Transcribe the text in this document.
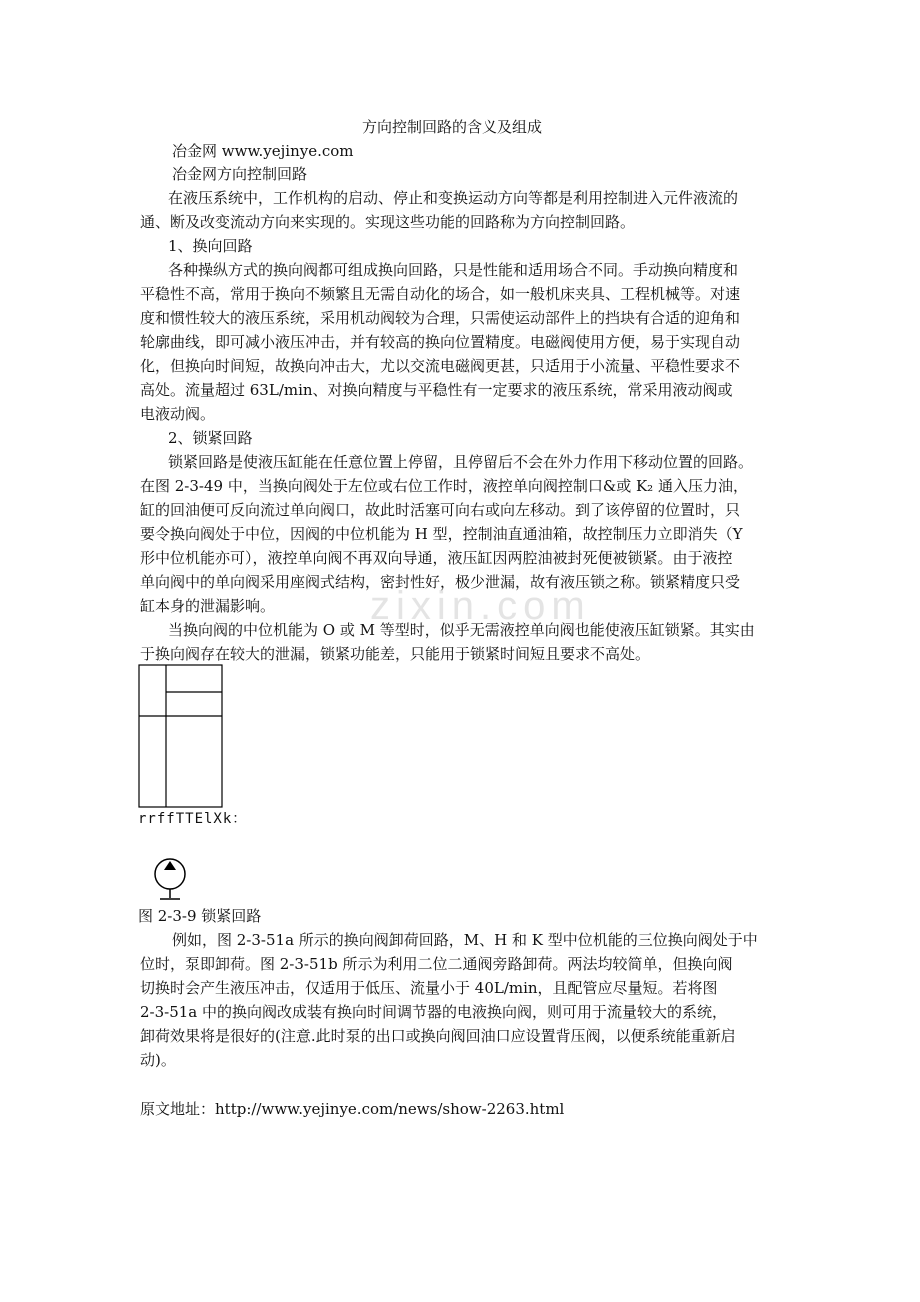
zixin.com
方向控制回路的含义及组成
冶金网 www.yejinye.com
冶金网方向控制回路
在液压系统中，工作机构的启动、停止和变换运动方向等都是利用控制进入元件液流的
通、断及改变流动方向来实现的。实现这些功能的回路称为方向控制回路。
1、换向回路
各种操纵方式的换向阀都可组成换向回路，只是性能和适用场合不同。手动换向精度和
平稳性不高，常用于换向不频繁且无需自动化的场合，如一般机床夹具、工程机械等。对速
度和惯性较大的液压系统，采用机动阀较为合理，只需使运动部件上的挡块有合适的迎角和
轮廓曲线，即可减小液压冲击，并有较高的换向位置精度。电磁阀使用方便，易于实现自动
化，但换向时间短，故换向冲击大，尤以交流电磁阀更甚，只适用于小流量、平稳性要求不
高处。流量超过 63L/min、对换向精度与平稳性有一定要求的液压系统，常采用液动阀或
电液动阀。
2、锁紧回路
锁紧回路是使液压缸能在任意位置上停留，且停留后不会在外力作用下移动位置的回路。
在图 2-3-49 中，当换向阀处于左位或右位工作时，液控单向阀控制口&或 K₂ 通入压力油，
缸的回油便可反向流过单向阀口，故此时活塞可向右或向左移动。到了该停留的位置时，只
要令换向阀处于中位，因阀的中位机能为 H 型，控制油直通油箱，故控制压力立即消失（Y
形中位机能亦可），液控单向阀不再双向导通，液压缸因两腔油被封死便被锁紧。由于液控
单向阀中的单向阀采用座阀式结构，密封性好，极少泄漏，故有液压锁之称。锁紧精度只受
缸本身的泄漏影响。
当换向阀的中位机能为 O 或 M 等型时，似乎无需液控单向阀也能使液压缸锁紧。其实由
于换向阀存在较大的泄漏，锁紧功能差，只能用于锁紧时间短且要求不高处。
rrffTTElXk：
图 2-3-9 锁紧回路
例如，图 2-3-51a 所示的换向阀卸荷回路，M、H 和 K 型中位机能的三位换向阀处于中
位时，泵即卸荷。图 2-3-51b 所示为利用二位二通阀旁路卸荷。两法均较简单，但换向阀
切换时会产生液压冲击，仅适用于低压、流量小于 40L/min，且配管应尽量短。若将图
2-3-51a 中的换向阀改成装有换向时间调节器的电液换向阀，则可用于流量较大的系统，
卸荷效果将是很好的(注意.此时泵的出口或换向阀回油口应设置背压阀，以便系统能重新启
动)。
原文地址：http://www.yejinye.com/news/show-2263.html
